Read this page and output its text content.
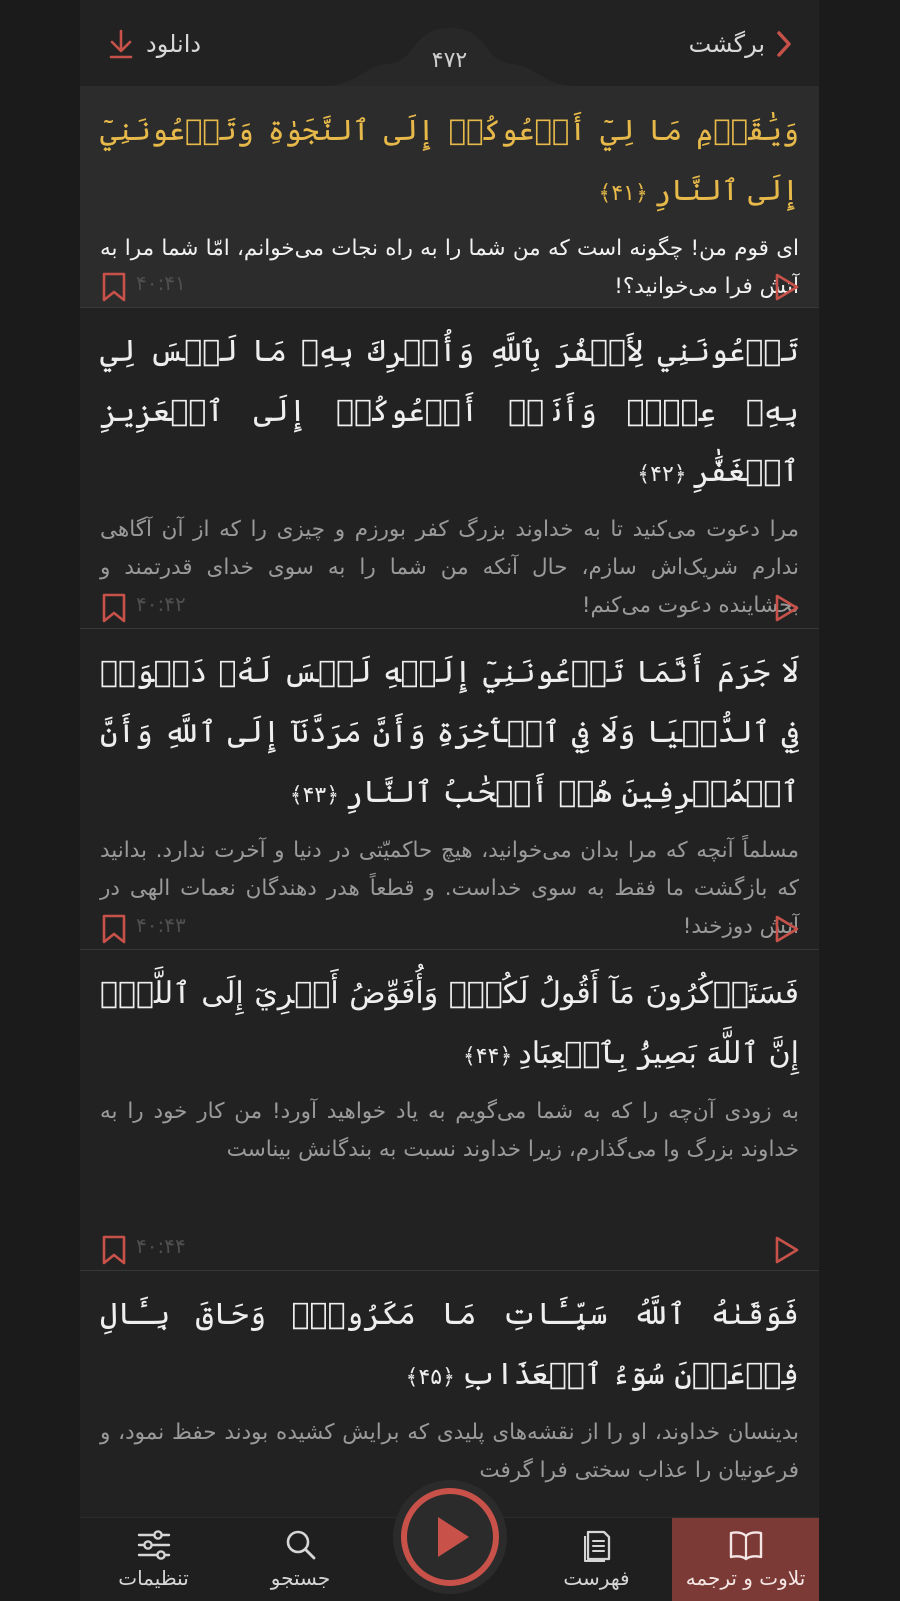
۴۷۲
برگشت
دانلود
وَيَٰقَوۡمِ مَا لِيٓ أَدۡعُوكُمۡ إِلَى ٱلنَّجَوٰةِ وَتَدۡعُونَنِيٓ إِلَى ٱلنَّارِ﴿۴۱﴾
ای قوم من! چگونه است که من شما را به راه نجات می‌خوانم، امّا شما مرا به آتش فرا می‌خوانید؟!
۴۰:۴۱
تَدۡعُونَنِي لِأَكۡفُرَ بِٱللَّهِ وَأُشۡرِكَ بِهِۦ مَا لَيۡسَ لِي بِهِۦ عِلۡمٞ وَأَنَا۠ أَدۡعُوكُمۡ إِلَى ٱلۡعَزِيزِ ٱلۡغَفَّٰرِ﴿۴۲﴾
مرا دعوت می‌کنید تا به خداوند بزرگ کفر بورزم و چیزی را که از آن آگاهی ندارم شریک‌اش سازم، حال آنکه من شما را به سوی خدای قدرتمند و بخشاینده دعوت می‌کنم!
۴۰:۴۲
لَا جَرَمَ أَنَّمَا تَدۡعُونَنِيٓ إِلَيۡهِ لَيۡسَ لَهُۥ دَعۡوَةٞ فِي ٱلدُّنۡيَا وَلَا فِي ٱلۡأٓخِرَةِ وَأَنَّ مَرَدَّنَآ إِلَى ٱللَّهِ وَأَنَّ ٱلۡمُسۡرِفِينَ هُمۡ أَصۡحَٰبُ ٱلنَّارِ﴿۴۳﴾
مسلماً آنچه که مرا بدان می‌خوانید، هیچ حاکمیّتی در دنیا و آخرت ندارد. بدانید که بازگشت ما فقط به سوی خداست. و قطعاً هدر دهندگان نعمات الهی در آتش دوزخند!
۴۰:۴۳
فَسَتَذۡكُرُونَ مَآ أَقُولُ لَكُمۡۚ وَأُفَوِّضُ أَمۡرِيٓ إِلَى ٱللَّهِۚ إِنَّ ٱللَّهَ بَصِيرُۢ بِٱلۡعِبَادِ﴿۴۴﴾
به زودی آن‌چه را که به شما می‌گویم به یاد خواهید آورد! من کار خود را به خداوند بزرگ وا می‌گذارم، زیرا خداوند نسبت به بندگانش بیناست
۴۰:۴۴
فَوَقَىٰهُ ٱللَّهُ سَيِّـَٔاتِ مَا مَكَرُواْۖ وَحَاقَ بِـَٔالِ فِرۡعَوۡنَ سُوٓءُ ٱلۡعَذَابِ﴿۴۵﴾
بدینسان خداوند، او را از نقشه‌های پلیدی که برایش کشیده بودند حفظ نمود، و فرعونیان را عذاب سختی فرا گرفت
تنظیمات	جستجو	فهرست	تلاوت و ترجمه
